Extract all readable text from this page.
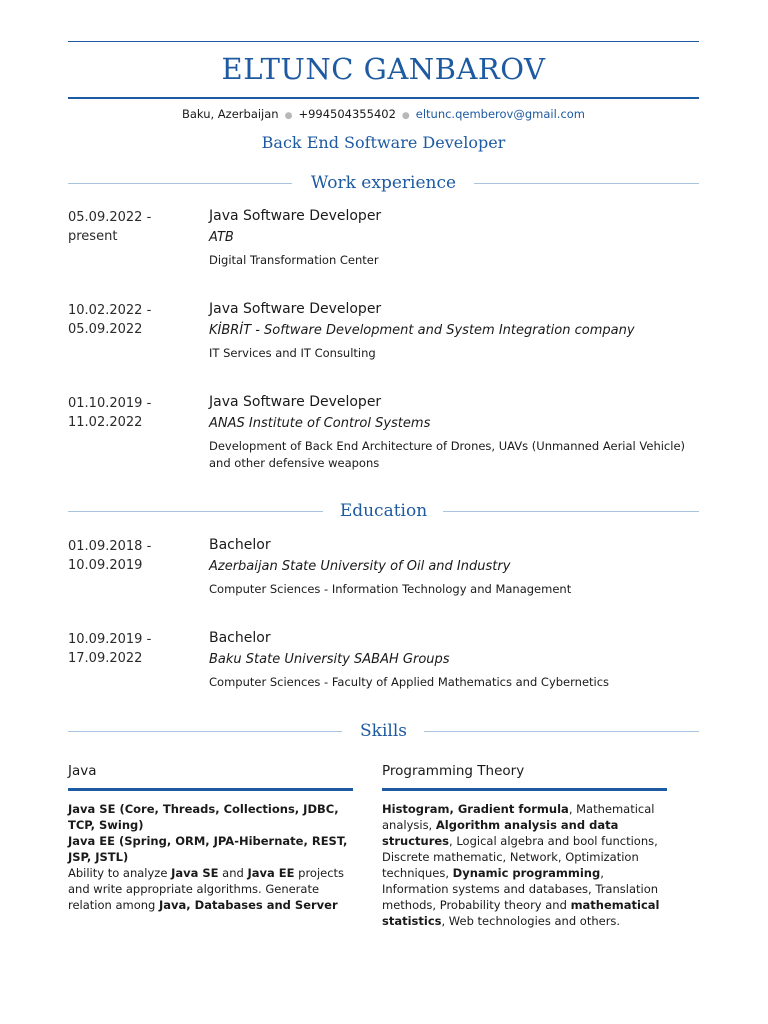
ELTUNC GANBAROV
Baku, Azerbaijan ● +994504355402 ● eltunc.qemberov@gmail.com
Back End Software Developer
Work experience
05.09.2022 -
present
Java Software Developer
ATB
Digital Transformation Center
10.02.2022 -
05.09.2022
Java Software Developer
KİBRİT - Software Development and System Integration company
IT Services and IT Consulting
01.10.2019 -
11.02.2022
Java Software Developer
ANAS Institute of Control Systems
Development of Back End Architecture of Drones, UAVs (Unmanned Aerial Vehicle) and other defensive weapons
Education
01.09.2018 -
10.09.2019
Bachelor
Azerbaijan State University of Oil and Industry
Computer Sciences - Information Technology and Management
10.09.2019 -
17.09.2022
Bachelor
Baku State University SABAH Groups
Computer Sciences - Faculty of Applied Mathematics and Cybernetics
Skills
Java
Java SE (Core, Threads, Collections, JDBC, TCP, Swing)
Java EE (Spring, ORM, JPA-Hibernate, REST, JSP, JSTL)
Ability to analyze Java SE and Java EE projects and write appropriate algorithms. Generate relation among Java, Databases and Server
Programming Theory
Histogram, Gradient formula, Mathematical analysis, Algorithm analysis and data structures, Logical algebra and bool functions, Discrete mathematic, Network, Optimization techniques, Dynamic programming, Information systems and databases, Translation methods, Probability theory and mathematical statistics, Web technologies and others.
